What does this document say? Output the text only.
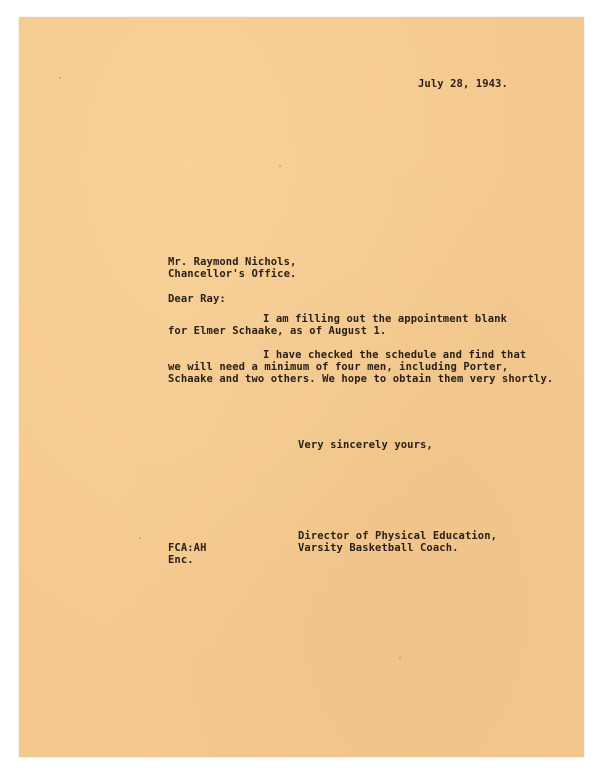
July 28, 1943.
Mr. Raymond Nichols,
Chancellor's Office.
Dear Ray:
I am filling out the appointment blank
for Elmer Schaake, as of August 1.
I have checked the schedule and find that
we will need a minimum of four men, including Porter,
Schaake and two others. We hope to obtain them very shortly.
Very sincerely yours,
Director of Physical Education,
Varsity Basketball Coach.
FCA:AH
Enc.
